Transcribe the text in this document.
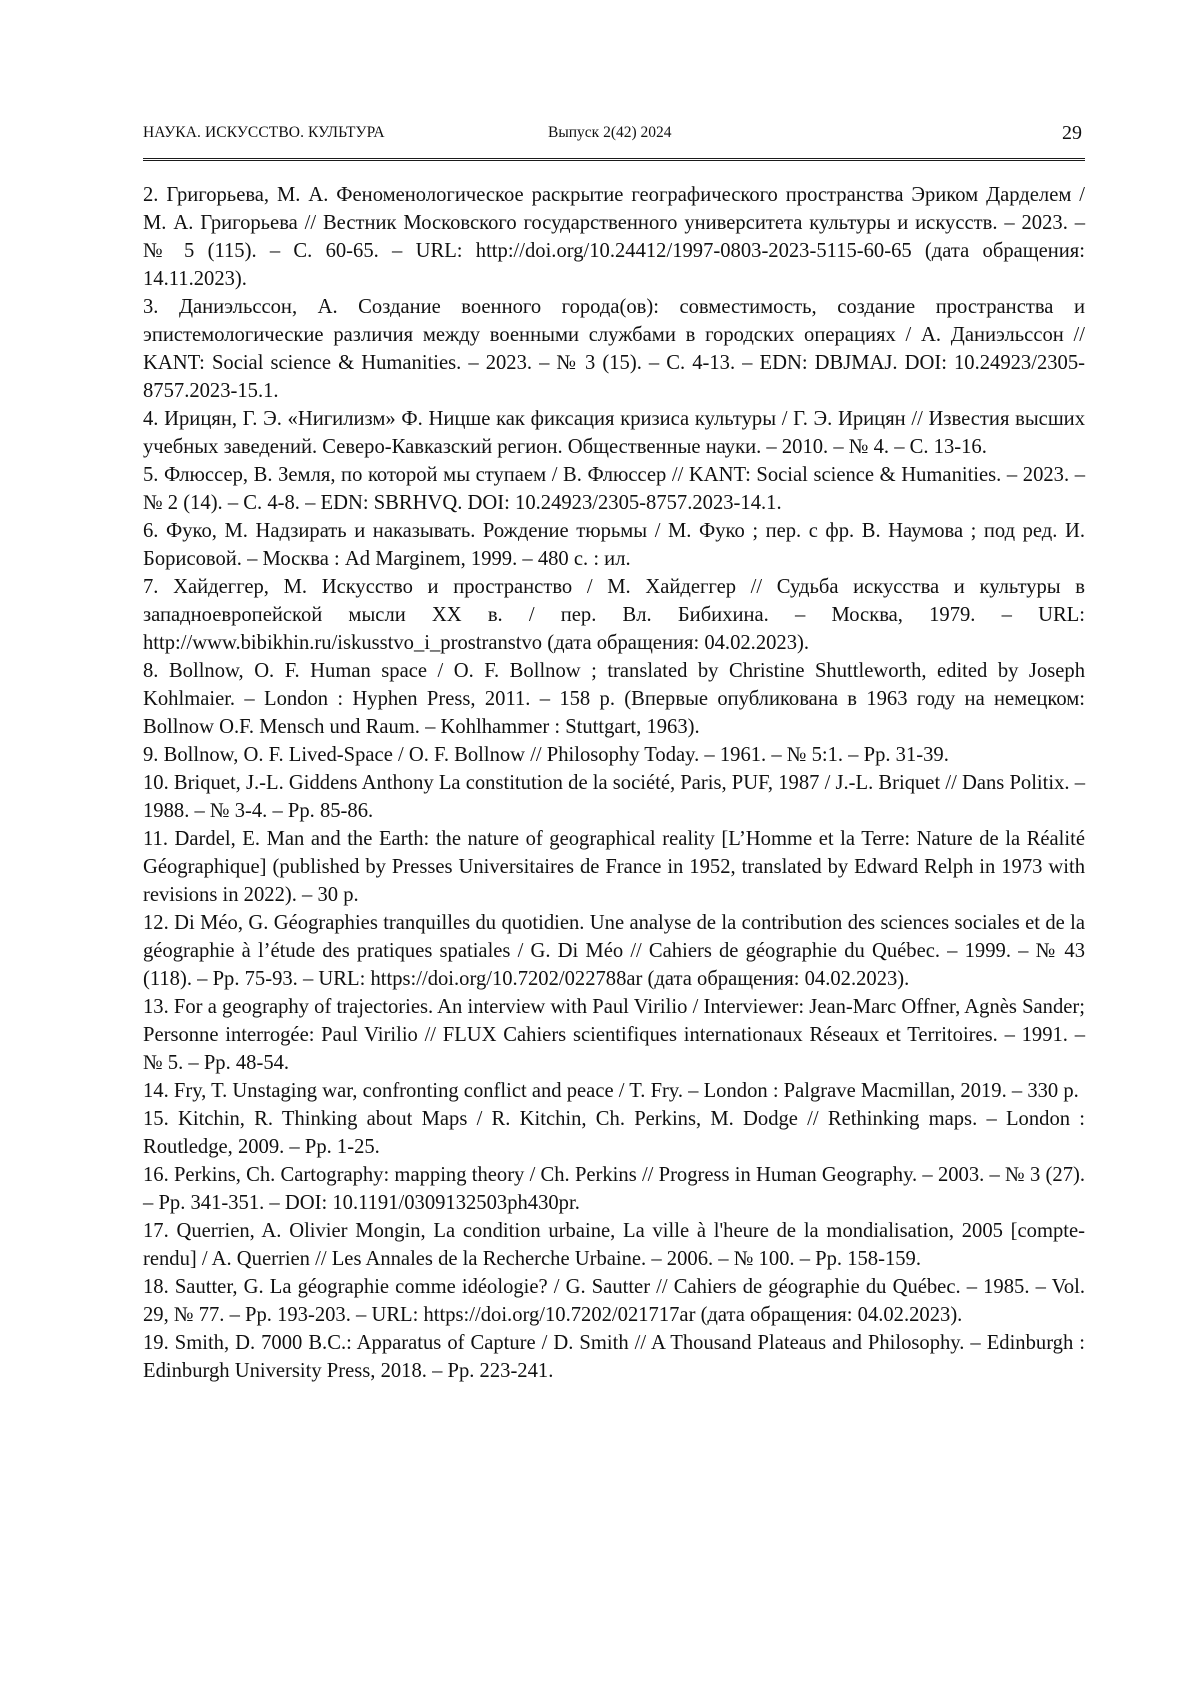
НАУКА. ИСКУССТВО. КУЛЬТУРА	Выпуск 2(42) 2024	29

2. Григорьева, М. А. Феноменологическое раскрытие географического пространства Эриком Дарделем / М. А. Григорьева // Вестник Московского государственного университета культуры и искусств. – 2023. – № 5 (115). – С. 60-65. – URL: http://doi.org/10.24412/1997-0803-2023-5115-60-65 (дата обращения: 14.11.2023).

3. Даниэльссон, А. Создание военного города(ов): совместимость, создание пространства и эпистемологические различия между военными службами в городских операциях / А. Даниэльссон // KANT: Social science & Humanities. – 2023. – № 3 (15). – С. 4-13. – EDN: DBJMAJ. DOI: 10.24923/2305-8757.2023-15.1.

4. Ирицян, Г. Э. «Нигилизм» Ф. Ницше как фиксация кризиса культуры / Г. Э. Ирицян // Известия высших учебных заведений. Северо-Кавказский регион. Общественные науки. – 2010. – № 4. – С. 13-16.

5. Флюссер, В. Земля, по которой мы ступаем / В. Флюссер // KANT: Social science & Humanities. – 2023. – № 2 (14). – С. 4-8. – EDN: SBRHVQ. DOI: 10.24923/2305-8757.2023-14.1.

6. Фуко, М. Надзирать и наказывать. Рождение тюрьмы / М. Фуко ; пер. с фр. В. Наумова ; под ред. И. Борисовой. – Москва : Ad Marginem, 1999. – 480 с. : ил.

7. Хайдеггер, М. Искусство и пространство / М. Хайдеггер // Судьба искусства и культуры в западноевропейской мысли XX в. / пер. Вл. Бибихина. – Москва, 1979. – URL: http://www.bibikhin.ru/iskusstvo_i_prostranstvo (дата обращения: 04.02.2023).

8. Bollnow, O. F. Human space / O. F. Bollnow ; translated by Christine Shuttleworth, edited by Joseph Kohlmaier. – London : Hyphen Press, 2011. – 158 p. (Впервые опубликована в 1963 году на немецком: Bollnow O.F. Mensch und Raum. – Kohlhammer : Stuttgart, 1963).

9. Bollnow, O. F. Lived-Space / O. F. Bollnow // Philosophy Today. – 1961. – № 5:1. – Pp. 31-39.

10. Briquet, J.-L. Giddens Anthony La constitution de la société, Paris, PUF, 1987 / J.-L. Briquet // Dans Politix. – 1988. – № 3-4. – Pp. 85-86.

11. Dardel, E. Man and the Earth: the nature of geographical reality [L’Homme et la Terre: Nature de la Réalité Géographique] (published by Presses Universitaires de France in 1952, translated by Edward Relph in 1973 with revisions in 2022). – 30 p.

12. Di Méo, G. Géographies tranquilles du quotidien. Une analyse de la contribution des sciences sociales et de la géographie à l’étude des pratiques spatiales / G. Di Méo // Cahiers de géographie du Québec. – 1999. – № 43 (118). – Pp. 75-93. – URL: https://doi.org/10.7202/022788ar (дата обращения: 04.02.2023).

13. For a geography of trajectories. An interview with Paul Virilio / Interviewer: Jean-Marc Offner, Agnès Sander; Personne interrogée: Paul Virilio // FLUX Cahiers scientifiques internationaux Réseaux et Territoires. – 1991. – № 5. – Pp. 48-54.

14. Fry, T. Unstaging war, confronting conflict and peace / T. Fry. – London : Palgrave Macmillan, 2019. – 330 p.

15. Kitchin, R. Thinking about Maps / R. Kitchin, Ch. Perkins, M. Dodge // Rethinking maps. – London : Routledge, 2009. – Pp. 1-25.

16. Perkins, Ch. Cartography: mapping theory / Ch. Perkins // Progress in Human Geography. – 2003. – № 3 (27). – Pp. 341-351. – DOI: 10.1191/0309132503ph430pr.

17. Querrien, A. Olivier Mongin, La condition urbaine, La ville à l'heure de la mondialisation, 2005 [compte-rendu] / A. Querrien // Les Annales de la Recherche Urbaine. – 2006. – № 100. – Pp. 158-159.

18. Sautter, G. La géographie comme idéologie? / G. Sautter // Cahiers de géographie du Québec. – 1985. – Vol. 29, № 77. – Pp. 193-203. – URL: https://doi.org/10.7202/021717ar (дата обращения: 04.02.2023).

19. Smith, D. 7000 B.C.: Apparatus of Capture / D. Smith // A Thousand Plateaus and Philosophy. – Edinburgh : Edinburgh University Press, 2018. – Pp. 223-241.
